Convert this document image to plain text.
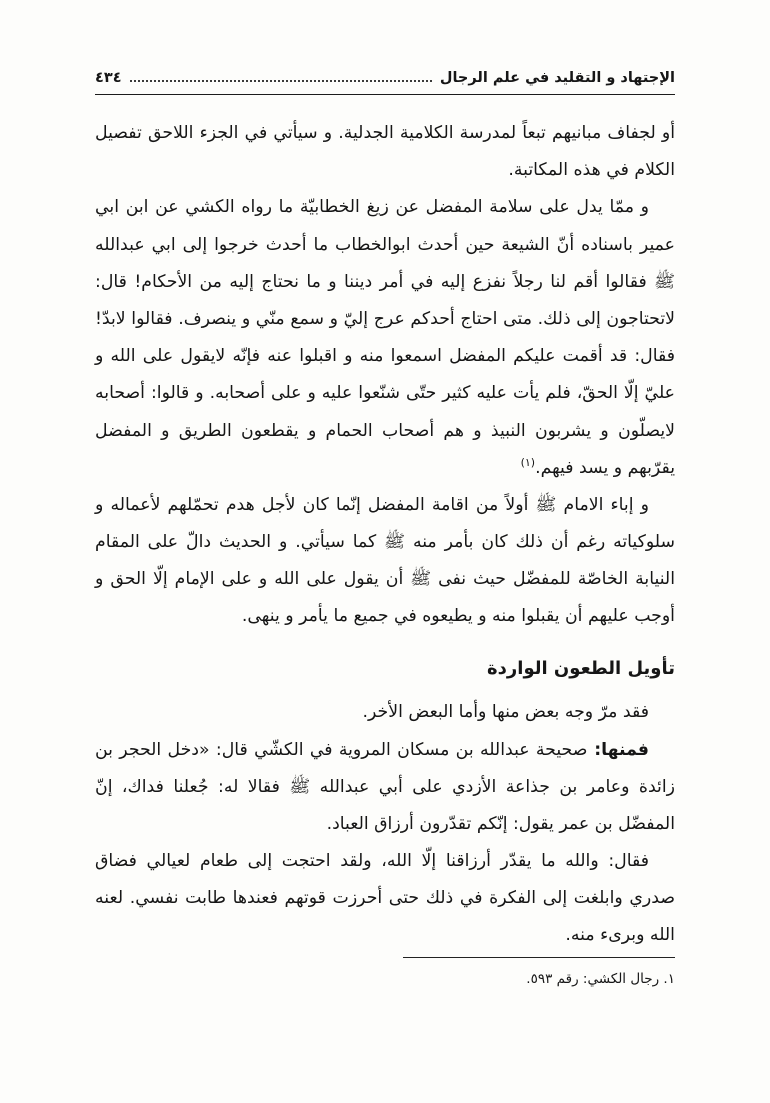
الإجتهاد و التقليد في علم الرجال
٤٣٤

أو لجفاف مبانيهم تبعاً لمدرسة الكلامية الجدلية. و سيأتي في الجزء اللاحق تفصيل الكلام في هذه المكاتبة.

و ممّا يدل على سلامة المفضل عن زيغ الخطابيّة ما رواه الكشي عن ابن ابي عمير باسناده أنّ الشيعة حين أحدث ابوالخطاب ما أحدث خرجوا إلى ابي عبدالله ﷺ فقالوا أقم لنا رجلاً نفزع إليه في أمر ديننا و ما نحتاج إليه من الأحكام! قال: لاتحتاجون إلى ذلك. متى احتاج أحدكم عرج إليّ و سمع منّي و ينصرف. فقالوا لابدّ! فقال: قد أقمت عليكم المفضل اسمعوا منه و اقبلوا عنه فإنّه لايقول على الله و عليّ إلّا الحقّ، فلم يأت عليه كثير حتّى شنّعوا عليه و على أصحابه. و قالوا: أصحابه لايصلّون و يشربون النبيذ و هم أصحاب الحمام و يقطعون الطريق و المفضل يقرّبهم و يسد فيهم.$^{(١)}$

و إباء الامام ﷺ أولاً من اقامة المفضل إنّما كان لأجل هدم تحمّلهم لأعماله و سلوكياته رغم أن ذلك كان بأمر منه ﷺ كما سيأتي. و الحديث دالّ على المقام النيابة الخاصّة للمفضّل حيث نفى ﷺ أن يقول على الله و على الإمام إلّا الحق و أوجب عليهم أن يقبلوا منه و يطيعوه في جميع ما يأمر و ينهى.

تأويل الطعون الواردة

فقد مرّ وجه بعض منها وأما البعض الأخر.

فمنها: صحيحة عبدالله بن مسكان المروية في الكشّي قال: «دخل الحجر بن زائدة وعامر بن جذاعة الأزدي على أبي عبدالله ﷺ فقالا له: جُعلنا فداك، إنّ المفضّل بن عمر يقول: إنّكم تقدّرون أرزاق العباد.

فقال: والله ما يقدّر أرزاقنا إلّا الله، ولقد احتجت إلى طعام لعيالي فضاق صدري وابلغت إلى الفكرة في ذلك حتى أحرزت قوتهم فعندها طابت نفسي. لعنه الله وبرىء منه.

١. رجال الكشي: رقم ٥٩٣.
